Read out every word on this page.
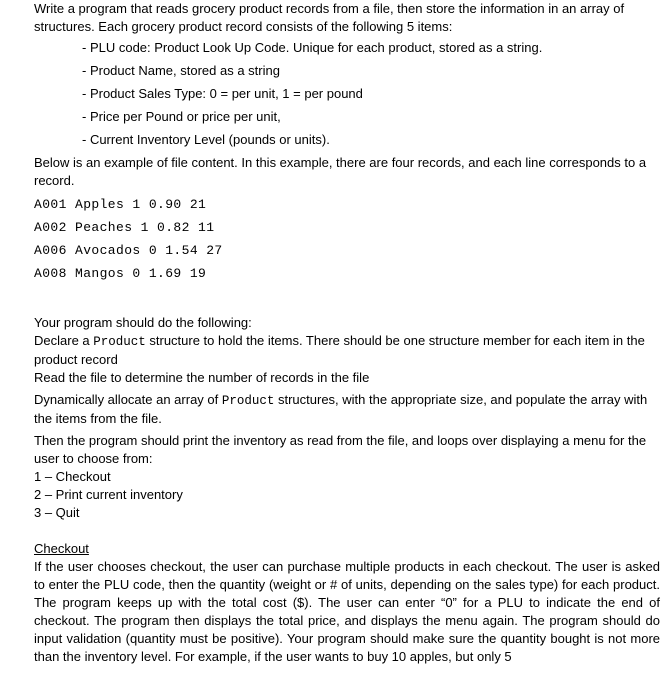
Write a program that reads grocery product records from a file, then store the information in an array of structures. Each grocery product record consists of the following 5 items:

- PLU code: Product Look Up Code. Unique for each product, stored as a string.

- Product Name, stored as a string

- Product Sales Type: 0 = per unit, 1 = per pound

- Price per Pound or price per unit,

- Current Inventory Level (pounds or units).

Below is an example of file content. In this example, there are four records, and each line corresponds to a record.

A001 Apples 1 0.90 21

A002 Peaches 1 0.82 11

A006 Avocados 0 1.54 27

A008 Mangos 0 1.69 19

Your program should do the following:

Declare a Product structure to hold the items. There should be one structure member for each item in the product record

Read the file to determine the number of records in the file

Dynamically allocate an array of Product structures, with the appropriate size, and populate the array with the items from the file.

Then the program should print the inventory as read from the file, and loops over displaying a menu for the user to choose from:

1 – Checkout

2 – Print current inventory

3 – Quit

Checkout

If the user chooses checkout, the user can purchase multiple products in each checkout. The user is asked to enter the PLU code, then the quantity (weight or # of units, depending on the sales type) for each product. The program keeps up with the total cost ($). The user can enter “0” for a PLU to indicate the end of checkout. The program then displays the total price, and displays the menu again. The program should do input validation (quantity must be positive). Your program should make sure the quantity bought is not more than the inventory level. For example, if the user wants to buy 10 apples, but only 5
